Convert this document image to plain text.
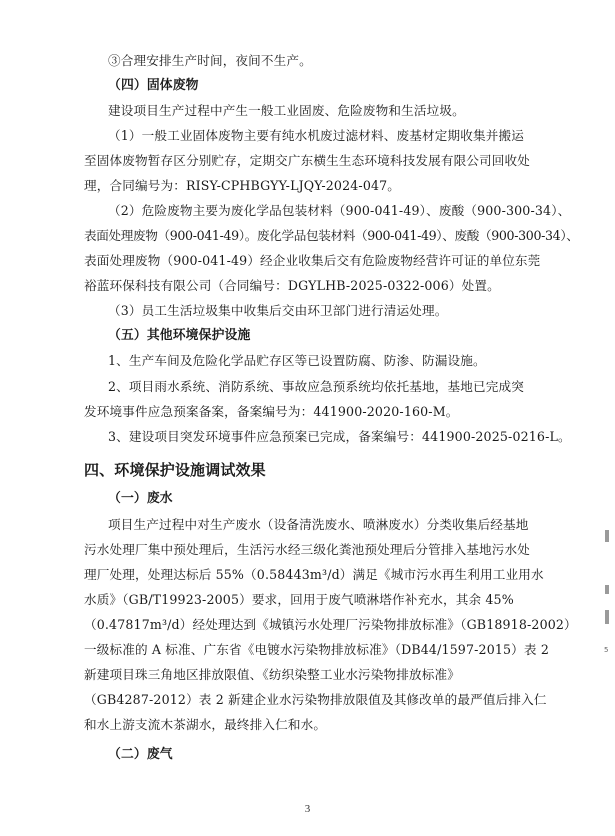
③合理安排生产时间，夜间不生产。
（四）固体废物
建设项目生产过程中产生一般工业固废、危险废物和生活垃圾。
（1）一般工业固体废物主要有纯水机废过滤材料、废基材定期收集并搬运
至固体废物暂存区分别贮存，定期交广东横生生态环境科技发展有限公司回收处
理，合同编号为：RISY-CPHBGYY-LJQY-2024-047。
（2）危险废物主要为废化学品包装材料（900-041-49）、废酸（900-300-34）、
表面处理废物（900-041-49）。废化学品包装材料（900-041-49）、废酸（900-300-34）、
表面处理废物（900-041-49）经企业收集后交有危险废物经营许可证的单位东莞
裕蓝环保科技有限公司（合同编号：DGYLHB-2025-0322-006）处置。
（3）员工生活垃圾集中收集后交由环卫部门进行清运处理。
（五）其他环境保护设施
1、生产车间及危险化学品贮存区等已设置防腐、防渗、防漏设施。
2、项目雨水系统、消防系统、事故应急预系统均依托基地，基地已完成突
发环境事件应急预案备案，备案编号为：441900-2020-160-M。
3、建设项目突发环境事件应急预案已完成，备案编号：441900-2025-0216-L。
四、环境保护设施调试效果
（一）废水
项目生产过程中对生产废水（设备清洗废水、喷淋废水）分类收集后经基地
污水处理厂集中预处理后，生活污水经三级化粪池预处理后分管排入基地污水处
理厂处理，处理达标后 55%（0.58443m³/d）满足《城市污水再生利用工业用水
水质》（GB/T19923-2005）要求，回用于废气喷淋塔作补充水，其余 45%
（0.47817m³/d）经处理达到《城镇污水处理厂污染物排放标准》（GB18918-2002）
一级标准的 A 标准、广东省《电镀水污染物排放标准》（DB44/1597-2015）表 2
新建项目珠三角地区排放限值、《纺织染整工业水污染物排放标准》
（GB4287-2012）表 2 新建企业水污染物排放限值及其修改单的最严值后排入仁
和水上游支流木茶湖水，最终排入仁和水。
（二）废气
5
3
